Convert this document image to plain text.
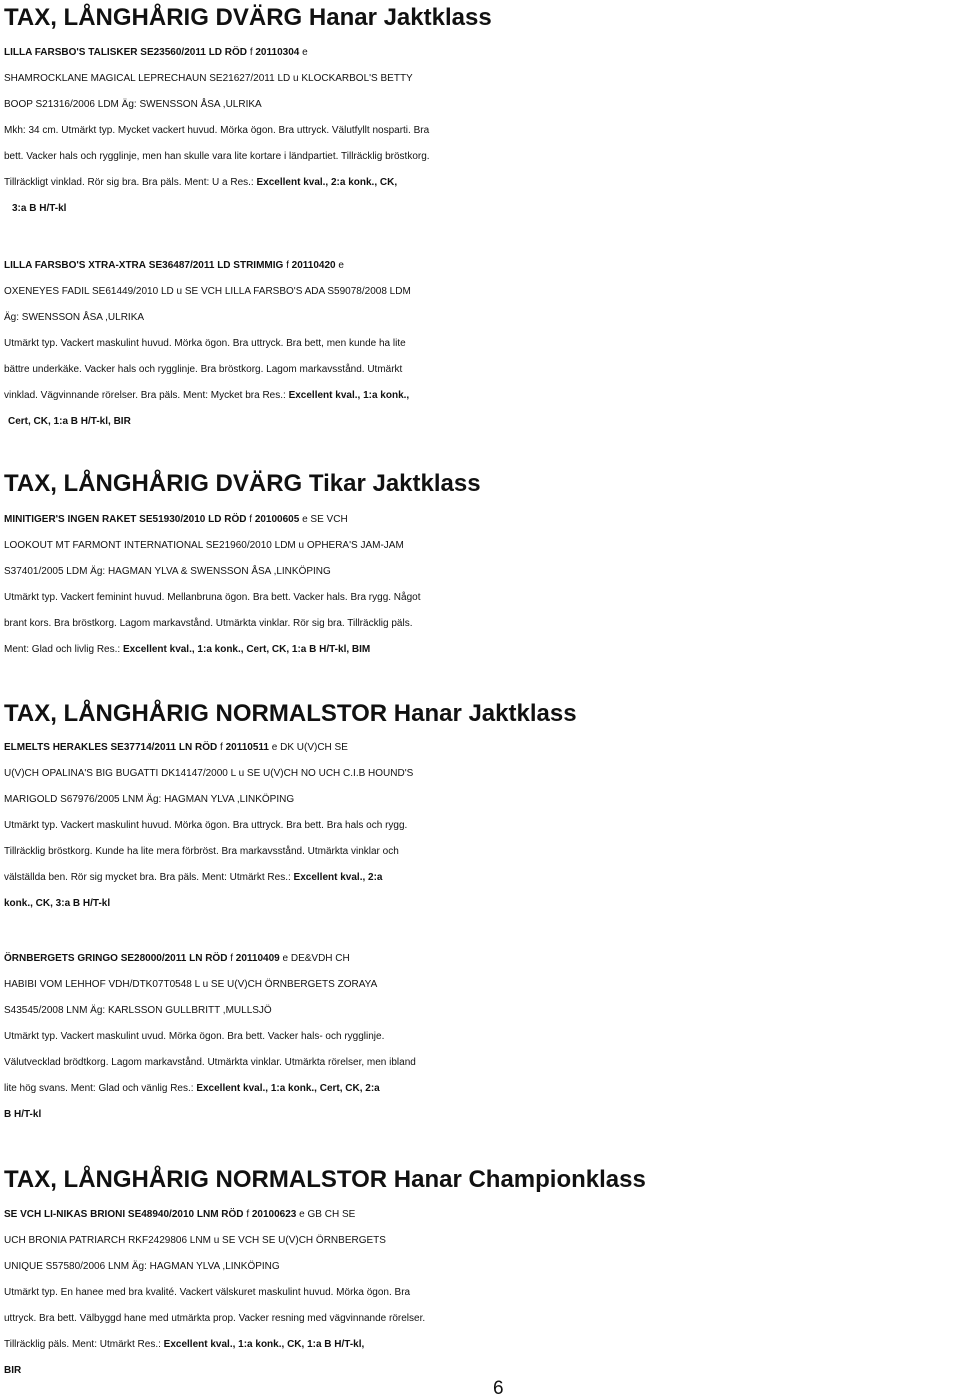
TAX, LÅNGHÅRIG DVÄRG Hanar Jaktklass
LILLA FARSBO'S TALISKER SE23560/2011 LD RÖD f 20110304 e
SHAMROCKLANE MAGICAL LEPRECHAUN SE21627/2011 LD u KLOCKARBOL'S BETTY
BOOP S21316/2006 LDM Äg: SWENSSON ÅSA ,ULRIKA
Mkh: 34 cm. Utmärkt typ. Mycket vackert huvud. Mörka ögon. Bra uttryck. Välutfyllt nosparti. Bra
bett. Vacker hals och rygglinje, men han skulle vara lite kortare i ländpartiet. Tillräcklig bröstkorg.
Tillräckligt vinklad. Rör sig bra. Bra päls. Ment: U a Res.: Excellent kval., 2:a konk., CK,
3:a B H/T-kl
LILLA FARSBO'S XTRA-XTRA SE36487/2011 LD STRIMMIG f 20110420 e
OXENEYES FADIL SE61449/2010 LD u SE VCH LILLA FARSBO'S ADA S59078/2008 LDM
Äg: SWENSSON ÅSA ,ULRIKA
Utmärkt typ. Vackert maskulint huvud. Mörka ögon. Bra uttryck. Bra bett, men kunde ha lite
bättre underkäke. Vacker hals och rygglinje. Bra bröstkorg. Lagom markavsstånd. Utmärkt
vinklad. Vägvinnande rörelser. Bra päls. Ment: Mycket bra Res.: Excellent kval., 1:a konk.,
Cert, CK, 1:a B H/T-kl, BIR
TAX, LÅNGHÅRIG DVÄRG Tikar Jaktklass
MINITIGER'S INGEN RAKET SE51930/2010 LD RÖD f 20100605 e SE VCH
LOOKOUT MT FARMONT INTERNATIONAL SE21960/2010 LDM u OPHERA'S JAM-JAM
S37401/2005 LDM Äg: HAGMAN YLVA & SWENSSON ÅSA ,LINKÖPING
Utmärkt typ. Vackert feminint huvud. Mellanbruna ögon. Bra bett. Vacker hals. Bra rygg. Något
brant kors. Bra bröstkorg. Lagom markavstånd. Utmärkta vinklar. Rör sig bra. Tillräcklig päls.
Ment: Glad och livlig Res.: Excellent kval., 1:a konk., Cert, CK, 1:a B H/T-kl, BIM
TAX, LÅNGHÅRIG NORMALSTOR Hanar Jaktklass
ELMELTS HERAKLES SE37714/2011 LN RÖD f 20110511 e DK U(V)CH SE
U(V)CH OPALINA'S BIG BUGATTI DK14147/2000 L u SE U(V)CH NO UCH C.I.B HOUND'S
MARIGOLD S67976/2005 LNM Äg: HAGMAN YLVA ,LINKÖPING
Utmärkt typ. Vackert maskulint huvud. Mörka ögon. Bra uttryck. Bra bett. Bra hals och rygg.
Tillräcklig bröstkorg. Kunde ha lite mera förbröst. Bra markavsstånd. Utmärkta vinklar och
välställda ben. Rör sig mycket bra. Bra päls. Ment: Utmärkt Res.: Excellent kval., 2:a
konk., CK, 3:a B H/T-kl
ÖRNBERGETS GRINGO SE28000/2011 LN RÖD f 20110409 e DE&VDH CH
HABIBI VOM LEHHOF VDH/DTK07T0548 L u SE U(V)CH ÖRNBERGETS ZORAYA
S43545/2008 LNM Äg: KARLSSON GULLBRITT ,MULLSJÖ
Utmärkt typ. Vackert maskulint uvud. Mörka ögon. Bra bett. Vacker hals- och rygglinje.
Välutvecklad brödtkorg. Lagom markavstånd. Utmärkta vinklar. Utmärkta rörelser, men ibland
lite hög svans. Ment: Glad och vänlig Res.: Excellent kval., 1:a konk., Cert, CK, 2:a
B H/T-kl
TAX, LÅNGHÅRIG NORMALSTOR Hanar Championklass
SE VCH LI-NIKAS BRIONI SE48940/2010 LNM RÖD f 20100623 e GB CH SE
UCH BRONIA PATRIARCH RKF2429806 LNM u SE VCH SE U(V)CH ÖRNBERGETS
UNIQUE S57580/2006 LNM Äg: HAGMAN YLVA ,LINKÖPING
Utmärkt typ. En hanee med bra kvalité. Vackert välskuret maskulint huvud. Mörka ögon. Bra
uttryck. Bra bett. Välbyggd hane med utmärkta prop. Vacker resning med vägvinnande rörelser.
Tillräcklig päls. Ment: Utmärkt Res.: Excellent kval., 1:a konk., CK, 1:a B H/T-kl,
BIR
6
